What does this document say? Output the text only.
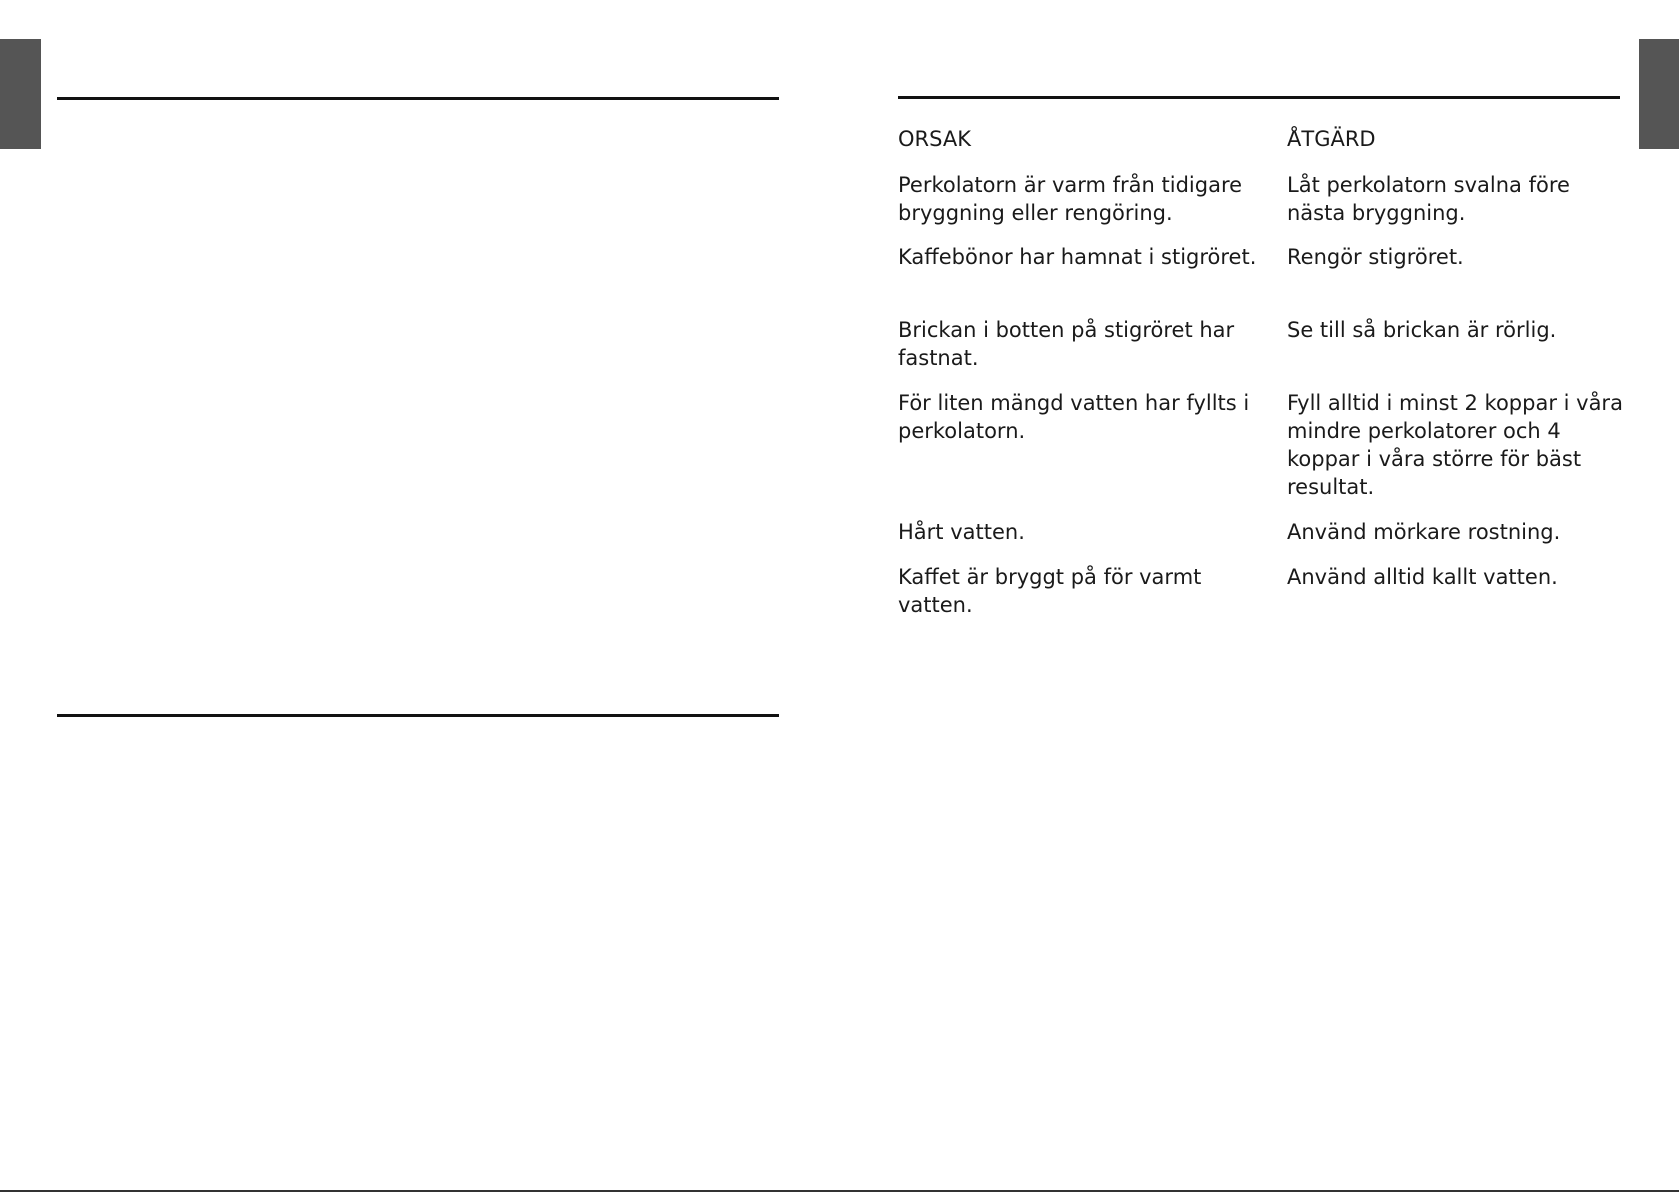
ORSAK

Perkolatorn är varm från tidigare bryggning eller rengöring.

Kaffebönor har hamnat i stigröret.

Brickan i botten på stigröret har fastnat.

För liten mängd vatten har fyllts i perkolatorn.

Hårt vatten.

Kaffet är bryggt på för varmt vatten.

ÅTGÄRD

Låt perkolatorn svalna före nästa bryggning.

Rengör stigröret.

Se till så brickan är rörlig.

Fyll alltid i minst 2 koppar i våra mindre perkolatorer och 4 koppar i våra större för bäst resultat.

Använd mörkare rostning.

Använd alltid kallt vatten.
